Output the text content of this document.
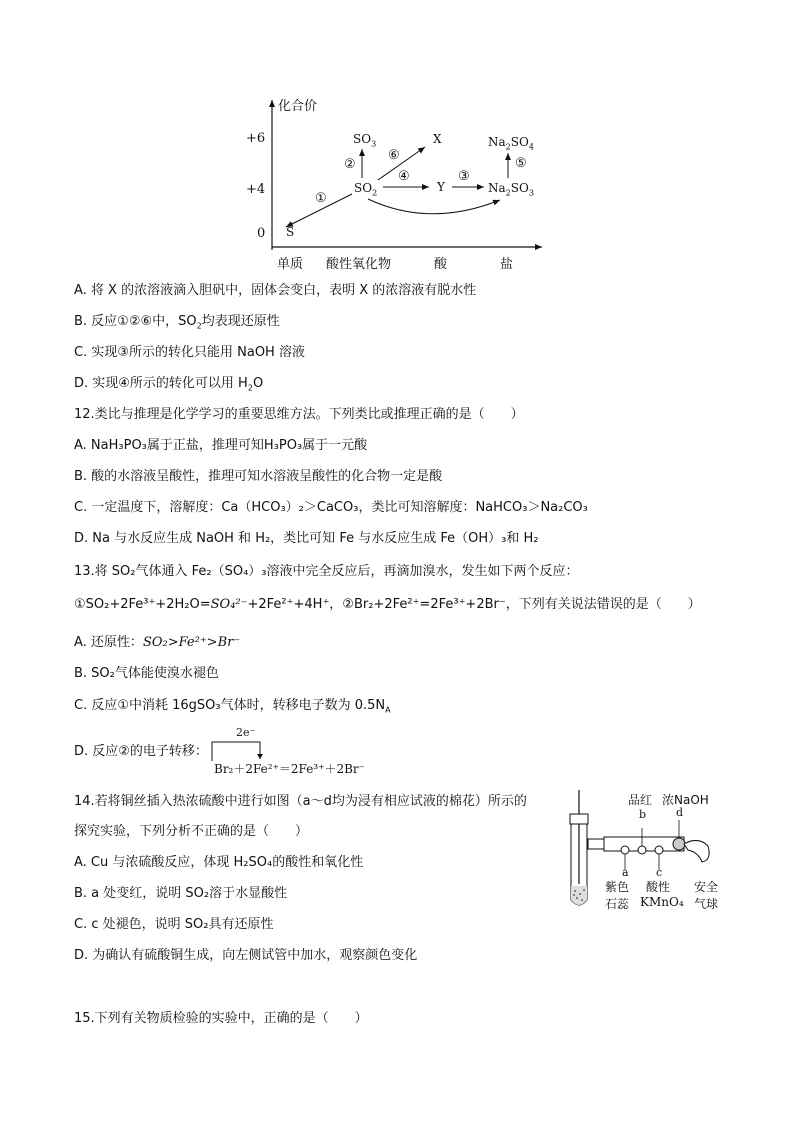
化合价
+6
+4
0
单质 酸性氧化物	酸	盐
S
$SO_2$
$SO_3$	X
Y
$Na_2SO_4$
$Na_2SO_3$
①
②
⑥
④	③
⑤
A. 将 X 的浓溶液滴入胆矾中，固体会变白，表明 X 的浓溶液有脱水性
B. 反应①②⑥中，$SO_2$均表现还原性
C. 实现③所示的转化只能用 NaOH 溶液
D. 实现④所示的转化可以用 $H_2O$
12.类比与推理是化学学习的重要思维方法。下列类比或推理正确的是（　　）
A. NaH₃PO₃属于正盐，推理可知H₃PO₃属于一元酸
B. 酸的水溶液呈酸性，推理可知水溶液呈酸性的化合物一定是酸
C. 一定温度下，溶解度：Ca（HCO₃）₂＞CaCO₃，类比可知溶解度：NaHCO₃＞Na₂CO₃
D. Na 与水反应生成 NaOH 和 H₂，类比可知 Fe 与水反应生成 Fe（OH）₃和 H₂
13.将 SO₂气体通入 Fe₂（SO₄）₃溶液中完全反应后，再滴加溴水，发生如下两个反应：
①SO₂+2Fe³⁺+2H₂O=SO₄²⁻+2Fe²⁺+4H⁺，②Br₂+2Fe²⁺=2Fe³⁺+2Br⁻，下列有关说法错误的是（　　）
A. 还原性：SO₂>Fe²⁺>Br⁻
B. SO₂气体能使溴水褪色
C. 反应①中消耗 16gSO₃气体时，转移电子数为 $0.5N_A$
D. 反应②的电子转移：
2e⁻
Br₂＋2Fe²⁺＝2Fe³⁺＋2Br⁻
14.若将铜丝插入热浓硫酸中进行如图（a～d均为浸有相应试液的棉花）所示的
探究实验，下列分析不正确的是（　　）
A. Cu 与浓硫酸反应，体现 H₂SO₄的酸性和氧化性
B. a 处变红，说明 SO₂溶于水显酸性
C. c 处褪色，说明 SO₂具有还原性
D. 为确认有硫酸铜生成，向左侧试管中加水，观察颜色变化
品红 浓NaOH
b	d
a c
紫色
石蕊
酸性
KMnO₄
安全
气球
15.下列有关物质检验的实验中，正确的是（　　）
